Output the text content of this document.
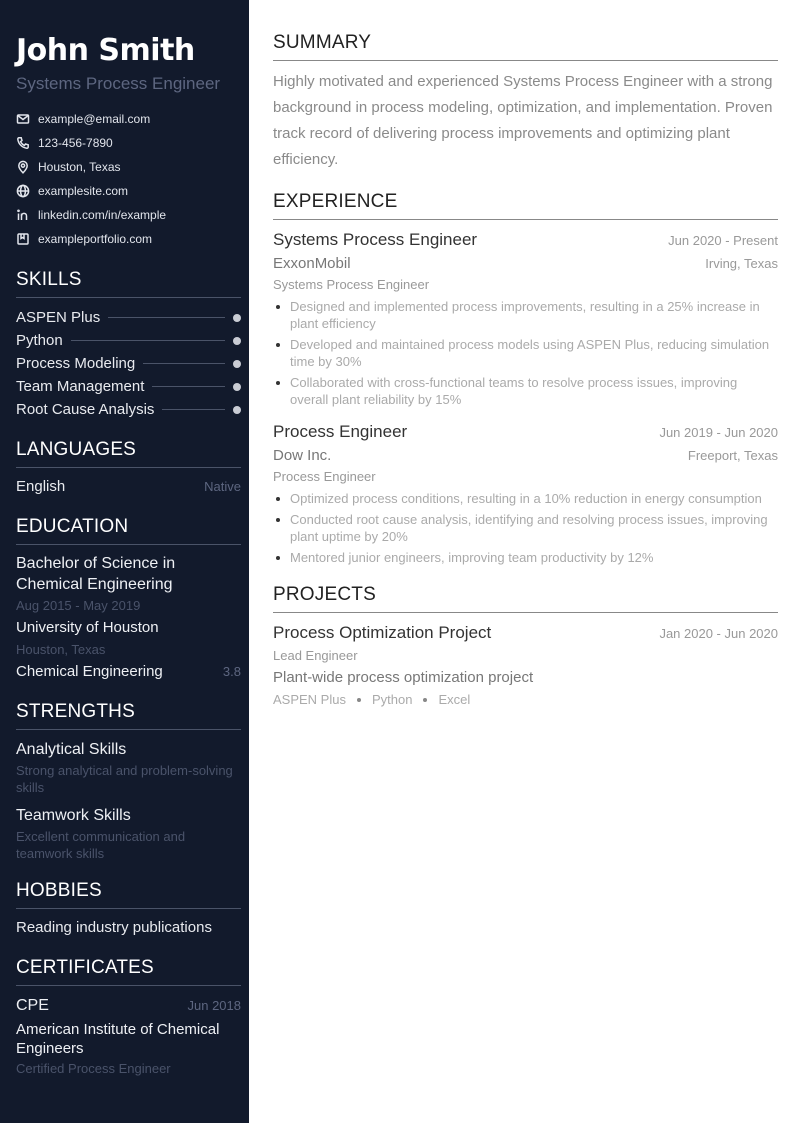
John Smith
Systems Process Engineer
example@email.com
123-456-7890
Houston, Texas
examplesite.com
linkedin.com/in/example
exampleportfolio.com
SKILLS
ASPEN Plus
Python
Process Modeling
Team Management
Root Cause Analysis
LANGUAGES
English	Native
EDUCATION
Bachelor of Science in Chemical Engineering
Aug 2015 - May 2019
University of Houston
Houston, Texas
Chemical Engineering	3.8
STRENGTHS
Analytical Skills
Strong analytical and problem-solving skills
Teamwork Skills
Excellent communication and teamwork skills
HOBBIES
Reading industry publications
CERTIFICATES
CPE	Jun 2018
American Institute of Chemical Engineers
Certified Process Engineer
SUMMARY

Highly motivated and experienced Systems Process Engineer with a strong background in process modeling, optimization, and implementation. Proven track record of delivering process improvements and optimizing plant efficiency.

EXPERIENCE
Systems Process Engineer	Jun 2020 - Present
ExxonMobil	Irving, Texas
Systems Process Engineer
Designed and implemented process improvements, resulting in a 25% increase in plant efficiency
Developed and maintained process models using ASPEN Plus, reducing simulation time by 30%
Collaborated with cross-functional teams to resolve process issues, improving overall plant reliability by 15%
Process Engineer	Jun 2019 - Jun 2020
Dow Inc.	Freeport, Texas
Process Engineer
Optimized process conditions, resulting in a 10% reduction in energy consumption
Conducted root cause analysis, identifying and resolving process issues, improving plant uptime by 20%
Mentored junior engineers, improving team productivity by 12%
PROJECTS
Process Optimization Project	Jan 2020 - Jun 2020
Lead Engineer
Plant-wide process optimization project
ASPEN Plus Python Excel
